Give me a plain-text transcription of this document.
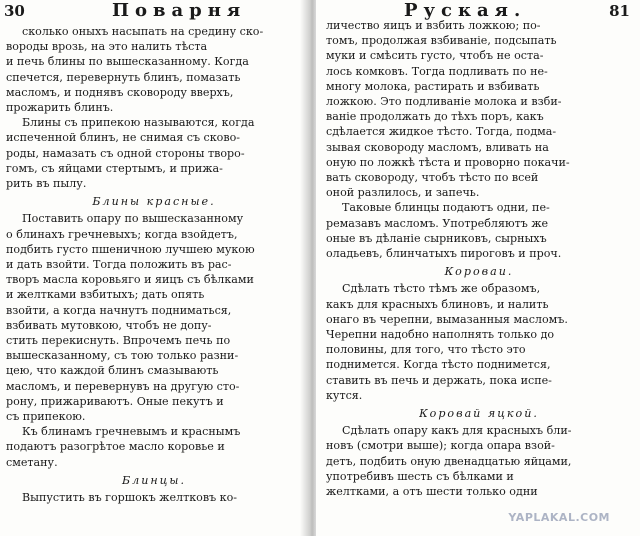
30	Поварня
сколько оныхъ насыпать на средину ско-
вороды врозь, на это налить тѣста
и печь блины по вышесказанному. Когда
спечется, перевернуть блинъ, помазать
масломъ, и поднявъ сковороду вверхъ,
прожарить блинъ.
Блины съ припекою называются, когда
испеченной блинъ, не снимая съ сково-
роды, намазать съ одной стороны творо-
гомъ, съ яйцами стертымъ, и прижа-
рить въ пылу.
Блины красные.
Поставить опару по вышесказанному
о блинахъ гречневыхъ; когда взойдетъ,
подбить густо пшеничною лучшею мукою
и дать взойти. Тогда положить въ рас-
творъ масла коровьяго и яицъ съ бѣлками
и желтками взбитыхъ; дать опять
взойти, а когда начнутъ подниматься,
взбивать мутовкою, чтобъ не допу-
стить перекиснуть. Впрочемъ печь по
вышесказанному, съ тою только разни-
цею, что каждой блинъ смазывають
масломъ, и перевернувъ на другую сто-
рону, прижариваютъ. Оные пекутъ и
съ припекою.
Къ блинамъ гречневымъ и краснымъ
подаютъ разогрѣтое масло коровье и
сметану.
Блинцы.
Выпустить въ горшокъ желтковъ ко-
Руская.	81
личество яицъ и взбить ложкою; по-
томъ, продолжая взбиваніе, подсыпать
муки и смѣсить густо, чтобъ не оста-
лось комковъ. Тогда подливать по не-
многу молока, растирать и взбивать
ложкою. Это подливаніе молока и взби-
ваніе продолжать до тѣхъ поръ, какъ
сдѣлается жидкое тѣсто. Тогда, подма-
зывая сковороду масломъ, вливать на
оную по ложкѣ тѣста и проворно покачи-
вать сковороду, чтобъ тѣсто по всей
оной разлилось, и запечь.
Таковые блинцы подаютъ одни, пе-
ремазавъ масломъ. Употребляютъ же
оные въ дѣланіе сырниковъ, сырныхъ
оладьевъ, блинчатыхъ пироговъ и проч.
Короваи.
Сдѣлать тѣсто тѣмъ же образомъ,
какъ для красныхъ блиновъ, и налить
онаго въ черепни, вымазанныя масломъ.
Черепни надобно наполнять только до
половины, для того, что тѣсто это
поднимется. Когда тѣсто поднимется,
ставить въ печь и держать, пока испе-
кутся.
Коровай яцкой.
Сдѣлать опару какъ для красныхъ бли-
новъ (смотри выше); когда опара взой-
детъ, подбить оную двенадцатью яйцами,
употребивъ шесть съ бѣлками и
желтками, а отъ шести только одни
YAPLAKAL.COM
